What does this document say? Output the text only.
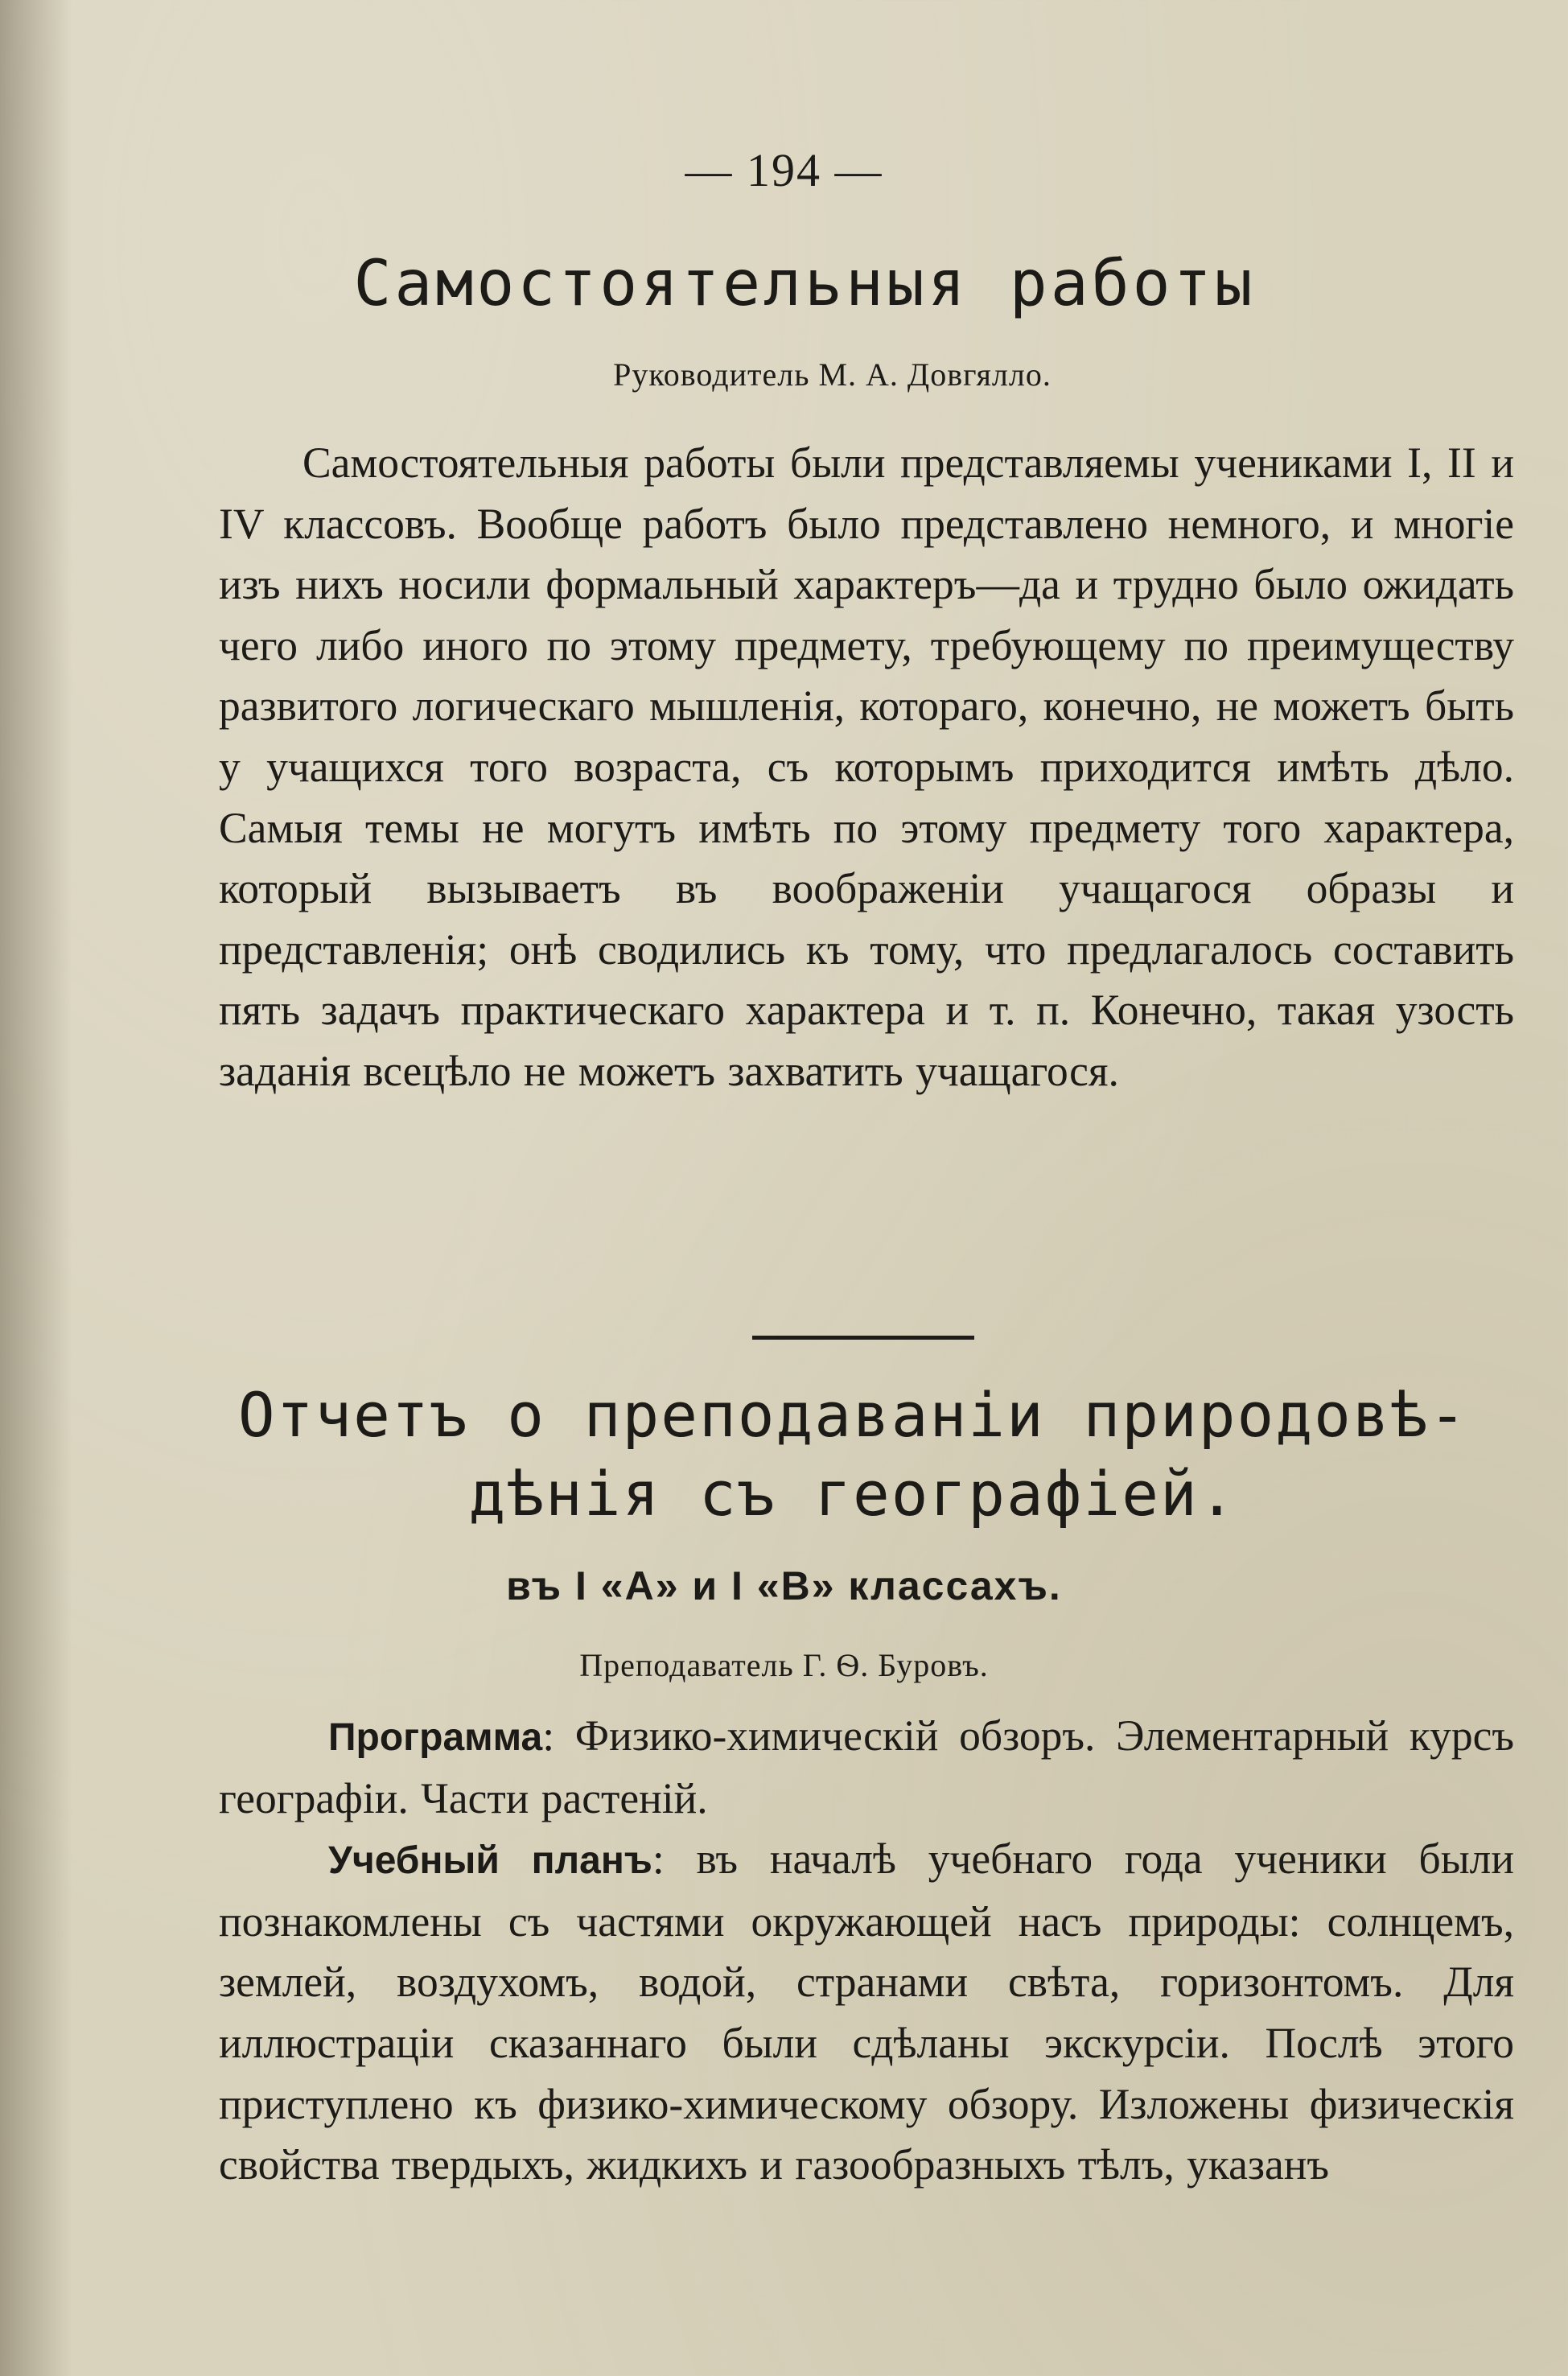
— 194 —
Самостоятельныя работы
Руководитель М. А. Довгялло.

Самостоятельныя работы были представляемы учениками I, II и IV классовъ. Вообще работъ было представлено немного, и многіе изъ нихъ носили формальный характеръ—да и трудно было ожидать чего либо иного по этому предмету, требующему по преимуществу развитого логическаго мышленія, котораго, конечно, не можетъ быть у учащихся того возраста, съ которымъ приходится имѣть дѣло. Самыя темы не могутъ имѣть по этому предмету того характера, который вызываетъ въ воображеніи учащагося образы и представленія; онѣ сводились къ тому, что предлагалось составить пять задачъ практическаго характера и т. п. Конечно, такая узость заданія всецѣло не можетъ захватить учащагося.

Отчетъ о преподаваніи природовѣ-
дѣнія съ географіей.
въ I «А» и I «В» классахъ.
Преподаватель Г. Ѳ. Буровъ.

Программа: Физико-химическій обзоръ. Элементарный курсъ географіи. Части растеній.

Учебный планъ: въ началѣ учебнаго года ученики были познакомлены съ частями окружающей насъ природы: солнцемъ, землей, воздухомъ, водой, странами свѣта, горизонтомъ. Для иллюстраціи сказаннаго были сдѣланы экскурсіи. Послѣ этого приступлено къ физико-химическому обзору. Изложены физическія свойства твердыхъ, жидкихъ и газообразныхъ тѣлъ, указанъ
